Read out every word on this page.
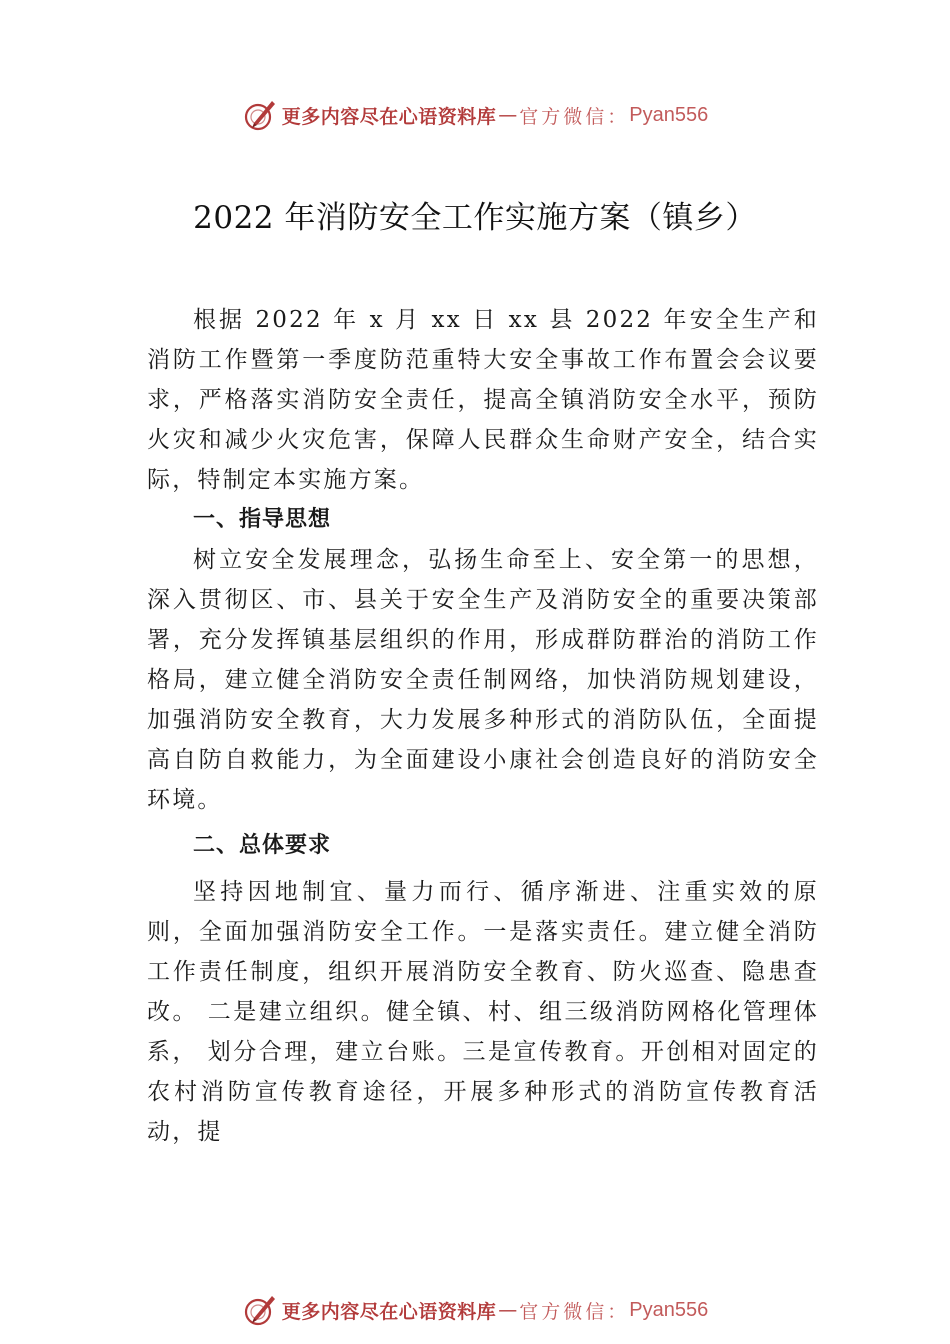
更多内容尽在心语资料库 — 官方微信： Pyan556
2022 年消防安全工作实施方案（镇乡）

根据 2022 年 x 月 xx 日 xx 县 2022 年安全生产和消防工作暨第一季度防范重特大安全事故工作布置会会议要求，严格落实消防安全责任，提高全镇消防安全水平，预防火灾和减少火灾危害，保障人民群众生命财产安全，结合实际，特制定本实施方案。

一、指导思想

树立安全发展理念，弘扬生命至上、安全第一的思想，深入贯彻区、市、县关于安全生产及消防安全的重要决策部署，充分发挥镇基层组织的作用，形成群防群治的消防工作格局，建立健全消防安全责任制网络，加快消防规划建设， 加强消防安全教育，大力发展多种形式的消防队伍，全面提高自防自救能力，为全面建设小康社会创造良好的消防安全环境。

二、总体要求

坚持因地制宜、量力而行、循序渐进、注重实效的原则，全面加强消防安全工作。一是落实责任。建立健全消防工作责任制度，组织开展消防安全教育、防火巡查、隐患查改。 二是建立组织。健全镇、村、组三级消防网格化管理体系， 划分合理，建立台账。三是宣传教育。开创相对固定的农村消防宣传教育途径，开展多种形式的消防宣传教育活动，提

更多内容尽在心语资料库 — 官方微信： Pyan556
